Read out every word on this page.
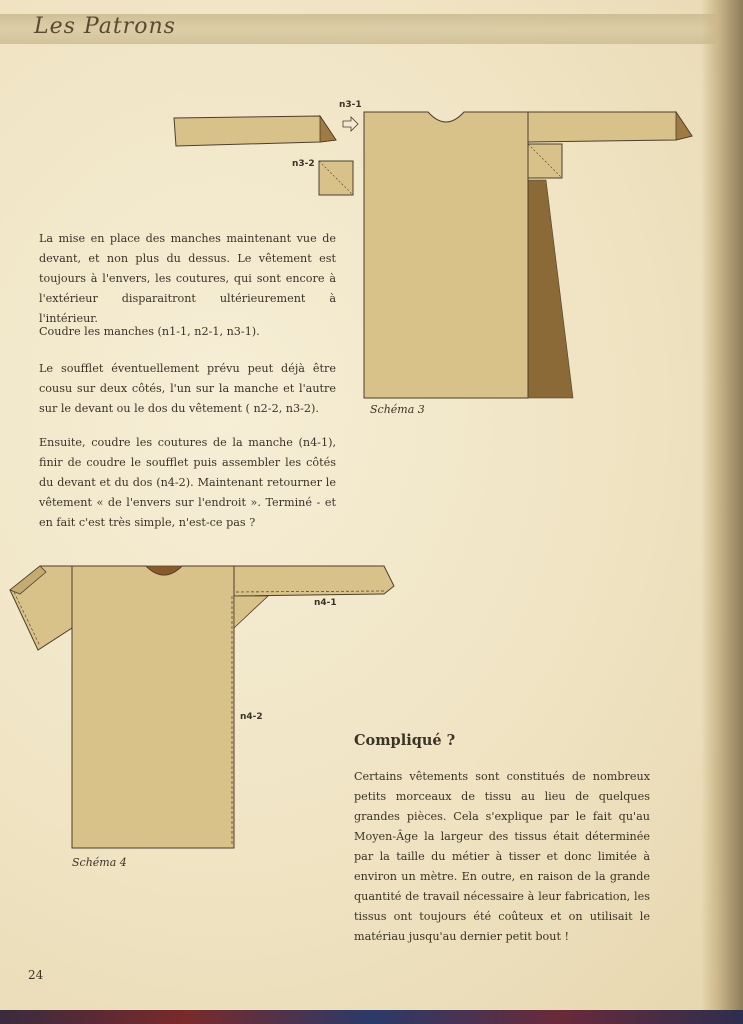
Les Patrons
n3-1
n3-2
Schéma 3
n4-1
n4-2
Schéma 4

La mise en place des manches maintenant vue de devant, et non plus du dessus. Le vêtement est toujours à l'envers, les coutures, qui sont encore à l'extérieur disparaitront ultérieurement à l'intérieur.

Coudre les manches (n1-1, n2-1, n3-1).

Le soufflet éventuellement prévu peut déjà être cousu sur deux côtés, l'un sur la manche et l'autre sur le devant ou le dos du vêtement ( n2-2, n3-2).

Ensuite, coudre les coutures de la manche (n4-1), finir de coudre le soufflet puis assembler les côtés du devant et du dos (n4-2). Maintenant retourner le vêtement « de l'envers sur l'endroit ». Terminé - et en fait c'est très simple, n'est-ce pas ?

Compliqué ?

Certains vêtements sont constitués de nombreux petits morceaux de tissu au lieu de quelques grandes pièces. Cela s'explique par le fait qu'au Moyen-Âge la largeur des tissus était déterminée par la taille du métier à tisser et donc limitée à environ un mètre. En outre, en raison de la grande quantité de travail nécessaire à leur fabrication, les tissus ont toujours été coûteux et on utilisait le matériau jusqu'au dernier petit bout !

24
